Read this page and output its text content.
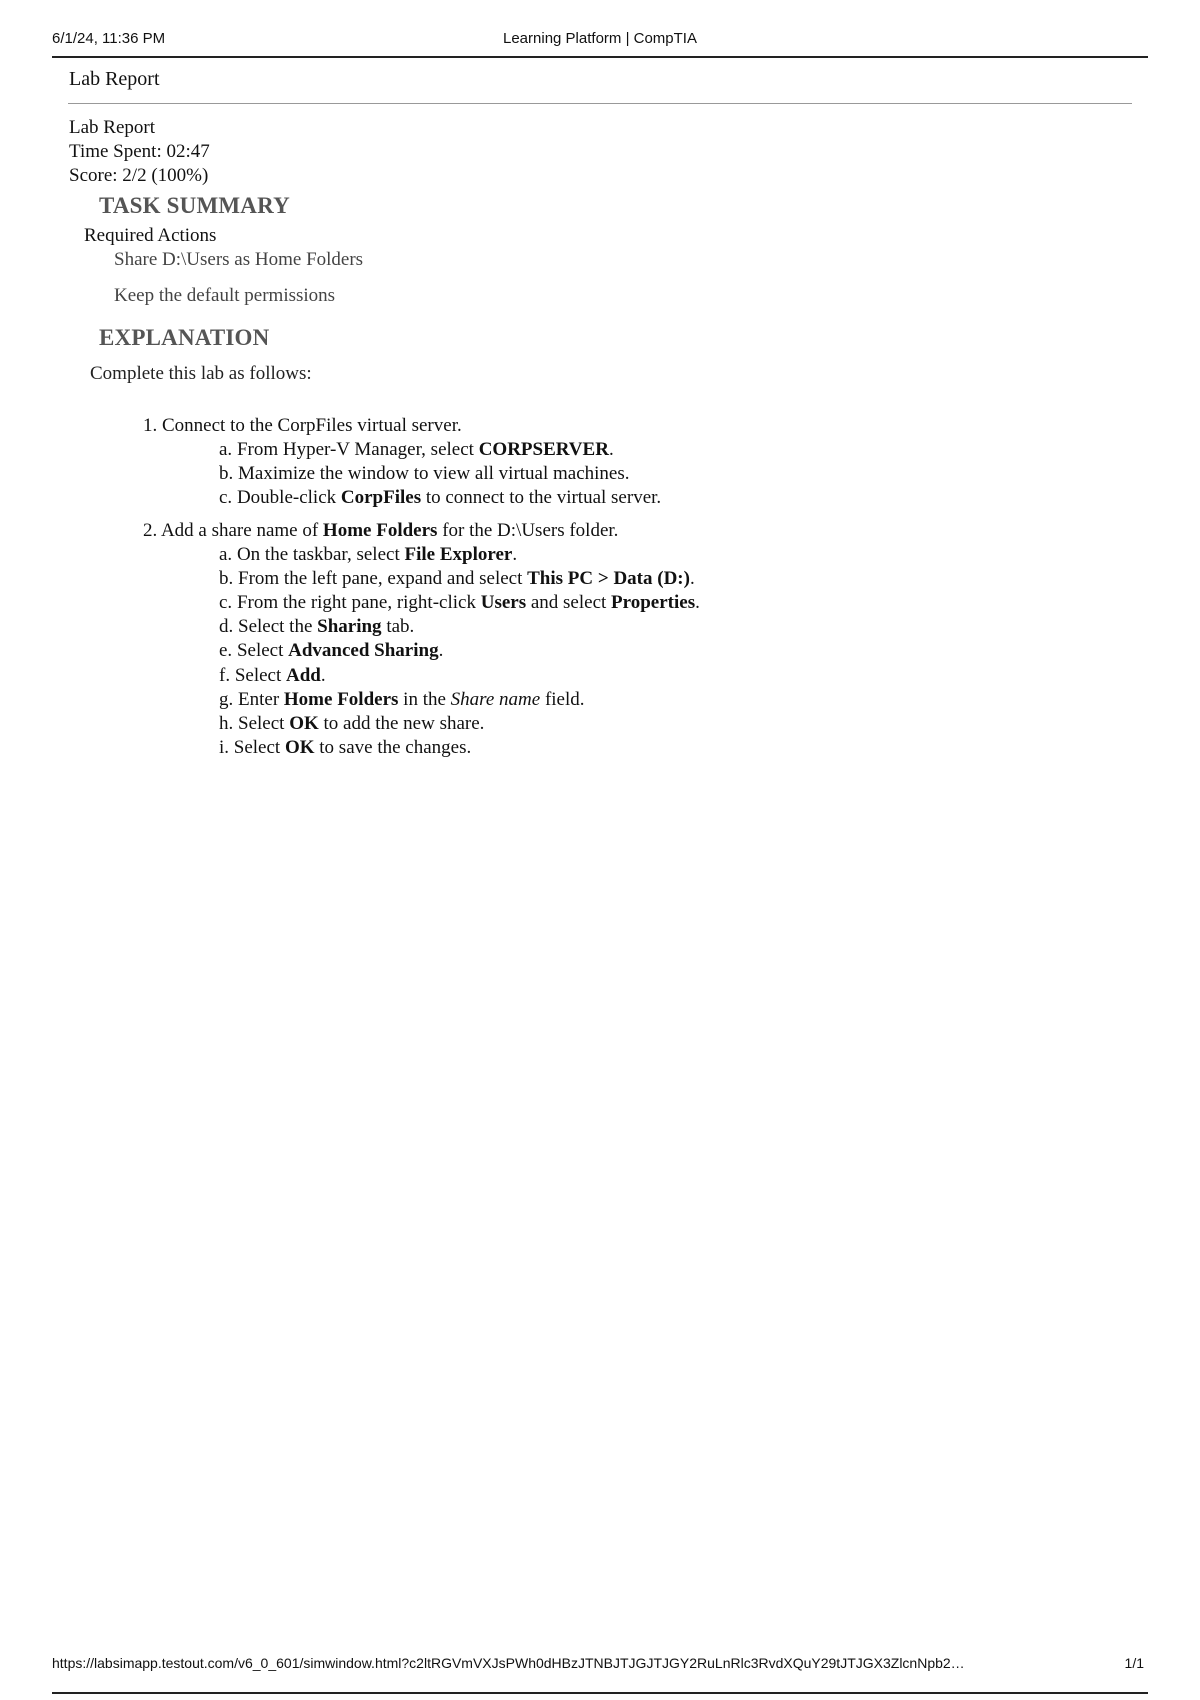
6/1/24, 11:36 PM	Learning Platform | CompTIA
Lab Report
Lab Report
Time Spent: 02:47
Score: 2/2 (100%)
TASK SUMMARY
Required Actions
Share D:\Users as Home Folders
Keep the default permissions
EXPLANATION
Complete this lab as follows:
1. Connect to the CorpFiles virtual server.
a. From Hyper-V Manager, select CORPSERVER.
b. Maximize the window to view all virtual machines.
c. Double-click CorpFiles to connect to the virtual server.
2. Add a share name of Home Folders for the D:\Users folder.
a. On the taskbar, select File Explorer.
b. From the left pane, expand and select This PC > Data (D:).
c. From the right pane, right-click Users and select Properties.
d. Select the Sharing tab.
e. Select Advanced Sharing.
f. Select Add.
g. Enter Home Folders in the Share name field.
h. Select OK to add the new share.
i. Select OK to save the changes.
https://labsimapp.testout.com/v6_0_601/simwindow.html?c2ltRGVmVXJsPWh0dHBzJTNBJTJGJTJGY2RuLnRlc3RvdXQuY29tJTJGX3ZlcnNpb2…	1/1
